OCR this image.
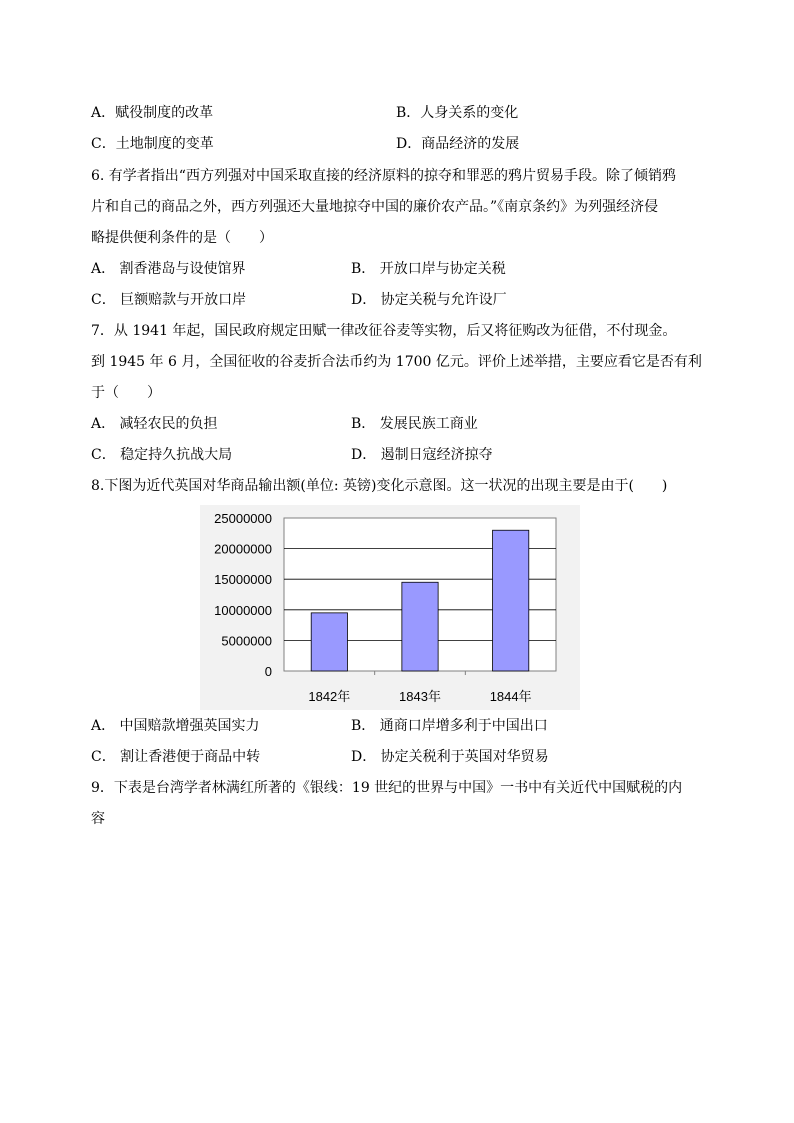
A．赋役制度的改革	B．人身关系的变化
C．土地制度的变革	D．商品经济的发展
6. 有学者指出“西方列强对中国采取直接的经济原料的掠夺和罪恶的鸦片贸易手段。除了倾销鸦
片和自己的商品之外，西方列强还大量地掠夺中国的廉价农产品。”《南京条约》为列强经济侵
略提供便利条件的是（　　）
A． 割香港岛与设使馆界	B． 开放口岸与协定关税
C． 巨额赔款与开放口岸	D． 协定关税与允许设厂
7．从 1941 年起，国民政府规定田赋一律改征谷麦等实物，后又将征购改为征借，不付现金。
到 1945 年 6 月，全国征收的谷麦折合法币约为 1700 亿元。评价上述举措，主要应看它是否有利
于（　　）
A． 减轻农民的负担	B． 发展民族工商业
C． 稳定持久抗战大局	D． 遏制日寇经济掠夺
8.下图为近代英国对华商品输出额(单位: 英镑)变化示意图。这一状况的出现主要是由于(　　)
25000000
20000000
15000000
10000000
5000000
0
1842年	1843年	1844年
A． 中国赔款增强英国实力	B． 通商口岸增多利于中国出口
C． 割让香港便于商品中转	D． 协定关税利于英国对华贸易
9．下表是台湾学者林满红所著的《银线：19 世纪的世界与中国》一书中有关近代中国赋税的内
容
